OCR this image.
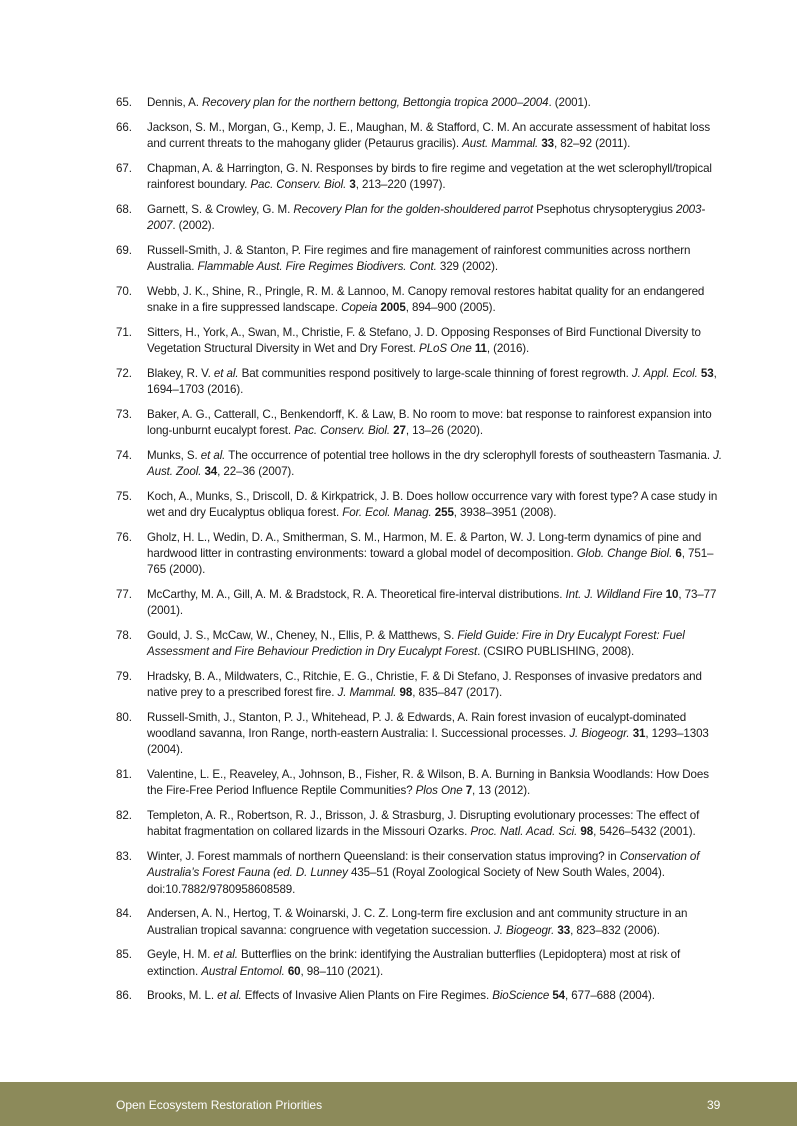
65. Dennis, A. Recovery plan for the northern bettong, Bettongia tropica 2000–2004. (2001).
66. Jackson, S. M., Morgan, G., Kemp, J. E., Maughan, M. & Stafford, C. M. An accurate assessment of habitat loss and current threats to the mahogany glider (Petaurus gracilis). Aust. Mammal. 33, 82–92 (2011).
67. Chapman, A. & Harrington, G. N. Responses by birds to fire regime and vegetation at the wet sclerophyll/tropical rainforest boundary. Pac. Conserv. Biol. 3, 213–220 (1997).
68. Garnett, S. & Crowley, G. M. Recovery Plan for the golden-shouldered parrot Psephotus chrysopterygius 2003-2007. (2002).
69. Russell-Smith, J. & Stanton, P. Fire regimes and fire management of rainforest communities across northern Australia. Flammable Aust. Fire Regimes Biodivers. Cont. 329 (2002).
70. Webb, J. K., Shine, R., Pringle, R. M. & Lannoo, M. Canopy removal restores habitat quality for an endangered snake in a fire suppressed landscape. Copeia 2005, 894–900 (2005).
71. Sitters, H., York, A., Swan, M., Christie, F. & Stefano, J. D. Opposing Responses of Bird Functional Diversity to Vegetation Structural Diversity in Wet and Dry Forest. PLoS One 11, (2016).
72. Blakey, R. V. et al. Bat communities respond positively to large-scale thinning of forest regrowth. J. Appl. Ecol. 53, 1694–1703 (2016).
73. Baker, A. G., Catterall, C., Benkendorff, K. & Law, B. No room to move: bat response to rainforest expansion into long-unburnt eucalypt forest. Pac. Conserv. Biol. 27, 13–26 (2020).
74. Munks, S. et al. The occurrence of potential tree hollows in the dry sclerophyll forests of southeastern Tasmania. J. Aust. Zool. 34, 22–36 (2007).
75. Koch, A., Munks, S., Driscoll, D. & Kirkpatrick, J. B. Does hollow occurrence vary with forest type? A case study in wet and dry Eucalyptus obliqua forest. For. Ecol. Manag. 255, 3938–3951 (2008).
76. Gholz, H. L., Wedin, D. A., Smitherman, S. M., Harmon, M. E. & Parton, W. J. Long-term dynamics of pine and hardwood litter in contrasting environments: toward a global model of decomposition. Glob. Change Biol. 6, 751–765 (2000).
77. McCarthy, M. A., Gill, A. M. & Bradstock, R. A. Theoretical fire-interval distributions. Int. J. Wildland Fire 10, 73–77 (2001).
78. Gould, J. S., McCaw, W., Cheney, N., Ellis, P. & Matthews, S. Field Guide: Fire in Dry Eucalypt Forest: Fuel Assessment and Fire Behaviour Prediction in Dry Eucalypt Forest. (CSIRO PUBLISHING, 2008).
79. Hradsky, B. A., Mildwaters, C., Ritchie, E. G., Christie, F. & Di Stefano, J. Responses of invasive predators and native prey to a prescribed forest fire. J. Mammal. 98, 835–847 (2017).
80. Russell-Smith, J., Stanton, P. J., Whitehead, P. J. & Edwards, A. Rain forest invasion of eucalypt-dominated woodland savanna, Iron Range, north-eastern Australia: I. Successional processes. J. Biogeogr. 31, 1293–1303 (2004).
81. Valentine, L. E., Reaveley, A., Johnson, B., Fisher, R. & Wilson, B. A. Burning in Banksia Woodlands: How Does the Fire-Free Period Influence Reptile Communities? Plos One 7, 13 (2012).
82. Templeton, A. R., Robertson, R. J., Brisson, J. & Strasburg, J. Disrupting evolutionary processes: The effect of habitat fragmentation on collared lizards in the Missouri Ozarks. Proc. Natl. Acad. Sci. 98, 5426–5432 (2001).
83. Winter, J. Forest mammals of northern Queensland: is their conservation status improving? in Conservation of Australia’s Forest Fauna (ed. D. Lunney 435–51 (Royal Zoological Society of New South Wales, 2004). doi:10.7882/9780958608589.
84. Andersen, A. N., Hertog, T. & Woinarski, J. C. Z. Long-term fire exclusion and ant community structure in an Australian tropical savanna: congruence with vegetation succession. J. Biogeogr. 33, 823–832 (2006).
85. Geyle, H. M. et al. Butterflies on the brink: identifying the Australian butterflies (Lepidoptera) most at risk of extinction. Austral Entomol. 60, 98–110 (2021).
86. Brooks, M. L. et al. Effects of Invasive Alien Plants on Fire Regimes. BioScience 54, 677–688 (2004).
Open Ecosystem Restoration Priorities	39
